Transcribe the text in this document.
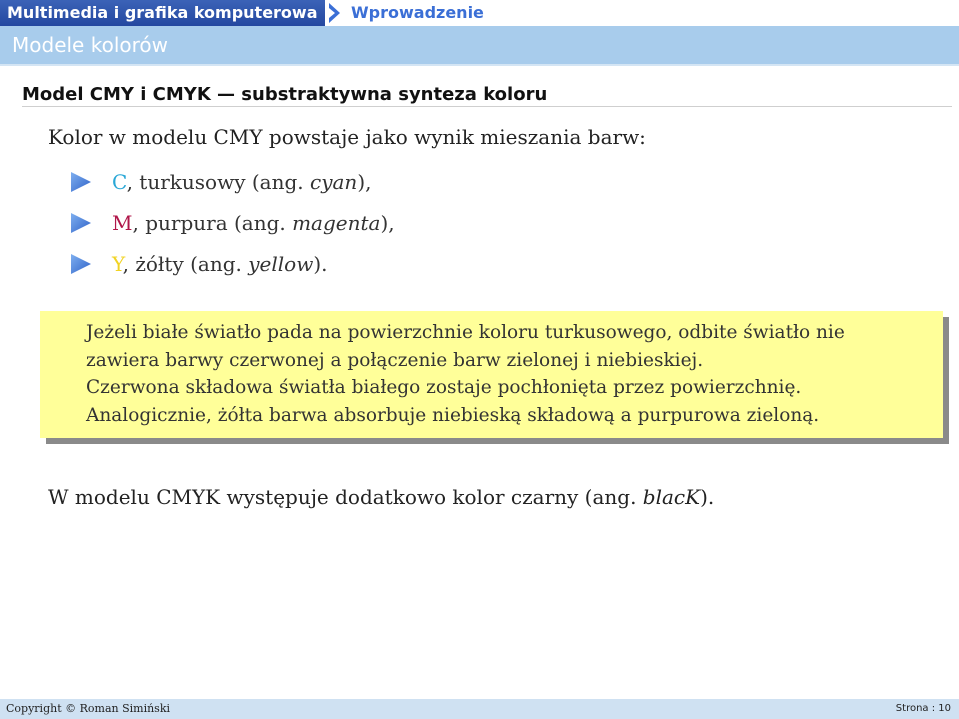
Multimedia i grafika komputerowa	Wprowadzenie
Modele kolorów
Model CMY i CMYK — substraktywna synteza koloru
Kolor w modelu CMY powstaje jako wynik mieszania barw:
C, turkusowy (ang. cyan),
M, purpura (ang. magenta),
Y, żółty (ang. yellow).
Jeżeli białe światło pada na powierzchnie koloru turkusowego, odbite światło nie
zawiera barwy czerwonej a połączenie barw zielonej i niebieskiej.
Czerwona składowa światła białego zostaje pochłonięta przez powierzchnię.
Analogicznie, żółta barwa absorbuje niebieską składową a purpurowa zieloną.
W modelu CMYK występuje dodatkowo kolor czarny (ang. blacK).
Copyright © Roman Simiński	Strona : 10
